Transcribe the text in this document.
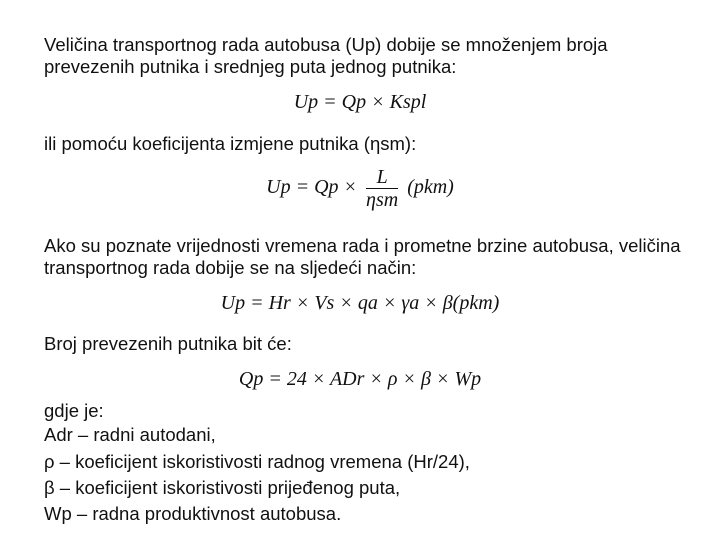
Veličina transportnog rada autobusa (Up) dobije se množenjem broja
prevezenih putnika i srednjeg puta jednog putnika:
Up = Qp × Kspl
ili pomoću koeficijenta izmjene putnika (ηsm):
$Up = Qp \times \frac{L}{\text{ηsm}} (pkm)$
Ako su poznate vrijednosti vremena rada i prometne brzine autobusa, veličina
transportnog rada dobije se na sljedeći način:
Up = Hr × Vs × qa × γa × β(pkm)
Broj prevezenih putnika bit će:
Qp = 24 × ADr × ρ × β × Wp
gdje je:
Adr – radni autodani,
ρ – koeficijent iskoristivosti radnog vremena (Hr/24),
β – koeficijent iskoristivosti prijeđenog puta,
Wp – radna produktivnost autobusa.
